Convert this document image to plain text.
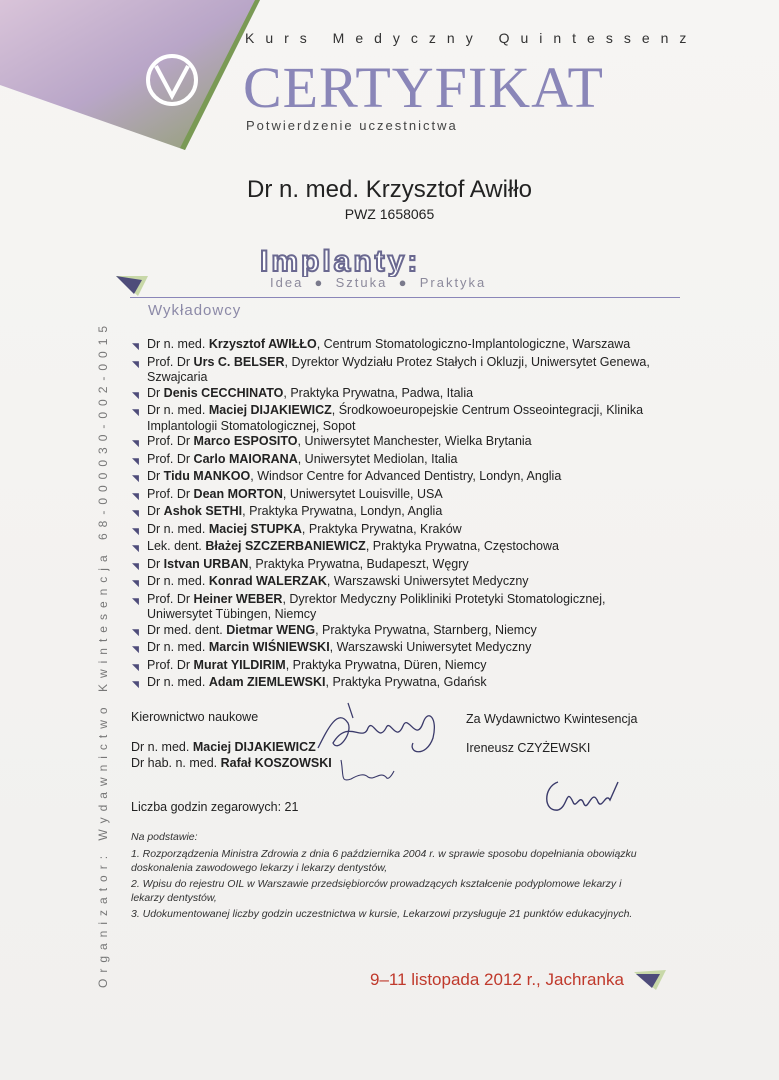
Kurs Medyczny Quintessenz
CERTYFIKAT
Potwierdzenie uczestnictwa
Dr n. med. Krzysztof Awiłło
PWZ 1658065
Implanty:
Idea  ●  Sztuka  ●  Praktyka
Organizator: Wydawnictwo Kwintesencja 68-000030-002-0015
Wykładowcy
◥ Dr n. med. Krzysztof AWIŁŁO, Centrum Stomatologiczno-Implantologiczne, Warszawa
◥ Prof. Dr Urs C. BELSER, Dyrektor Wydziału Protez Stałych i Okluzji, Uniwersytet Genewa, Szwajcaria
◥ Dr Denis CECCHINATO, Praktyka Prywatna, Padwa, Italia
◥ Dr n. med. Maciej DIJAKIEWICZ, Środkowoeuropejskie Centrum Osseointegracji, Klinika Implantologii Stomatologicznej, Sopot
◥ Prof. Dr Marco ESPOSITO, Uniwersytet Manchester, Wielka Brytania
◥ Prof. Dr Carlo MAIORANA, Uniwersytet Mediolan, Italia
◥ Dr Tidu MANKOO, Windsor Centre for Advanced Dentistry, Londyn, Anglia
◥ Prof. Dr Dean MORTON, Uniwersytet Louisville, USA
◥ Dr Ashok SETHI, Praktyka Prywatna, Londyn, Anglia
◥ Dr n. med. Maciej STUPKA, Praktyka Prywatna, Kraków
◥ Lek. dent. Błażej SZCZERBANIEWICZ, Praktyka Prywatna, Częstochowa
◥ Dr Istvan URBAN, Praktyka Prywatna, Budapeszt, Węgry
◥ Dr n. med. Konrad WALERZAK, Warszawski Uniwersytet Medyczny
◥ Prof. Dr Heiner WEBER, Dyrektor Medyczny Polikliniki Protetyki Stomatologicznej, Uniwersytet Tübingen, Niemcy
◥ Dr med. dent. Dietmar WENG, Praktyka Prywatna, Starnberg, Niemcy
◥ Dr n. med. Marcin WIŚNIEWSKI, Warszawski Uniwersytet Medyczny
◥ Prof. Dr Murat YILDIRIM, Praktyka Prywatna, Düren, Niemcy
◥ Dr n. med. Adam ZIEMLEWSKI, Praktyka Prywatna, Gdańsk
Kierownictwo naukowe
Dr n. med. Maciej DIJAKIEWICZ
Dr hab. n. med. Rafał KOSZOWSKI
Za Wydawnictwo Kwintesencja
Ireneusz CZYŻEWSKI
Liczba godzin zegarowych: 21
Na podstawie:
1. Rozporządzenia Ministra Zdrowia z dnia 6 października 2004 r. w sprawie sposobu dopełniania obowiązku doskonalenia zawodowego lekarzy i lekarzy dentystów,
2. Wpisu do rejestru OIL w Warszawie przedsiębiorców prowadzących kształcenie podyplomowe lekarzy i lekarzy dentystów,
3. Udokumentowanej liczby godzin uczestnictwa w kursie, Lekarzowi przysługuje 21 punktów edukacyjnych.
9–11 listopada 2012 r., Jachranka
